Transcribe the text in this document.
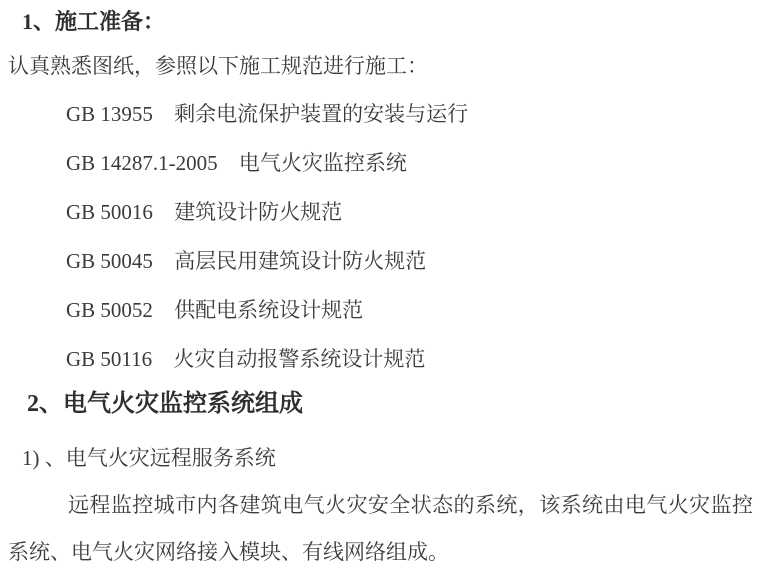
1、施工准备：

认真熟悉图纸，参照以下施工规范进行施工：

GB 13955 剩余电流保护装置的安装与运行
GB 14287.1-2005 电气火灾监控系统
GB 50016 建筑设计防火规范
GB 50045 高层民用建筑设计防火规范
GB 50052 供配电系统设计规范
GB 50116 火灾自动报警系统设计规范
2、电气火灾监控系统组成

1) 、电气火灾远程服务系统

远程监控城市内各建筑电气火灾安全状态的系统，该系统由电气火灾监控系统、电气火灾网络接入模块、有线网络组成。
